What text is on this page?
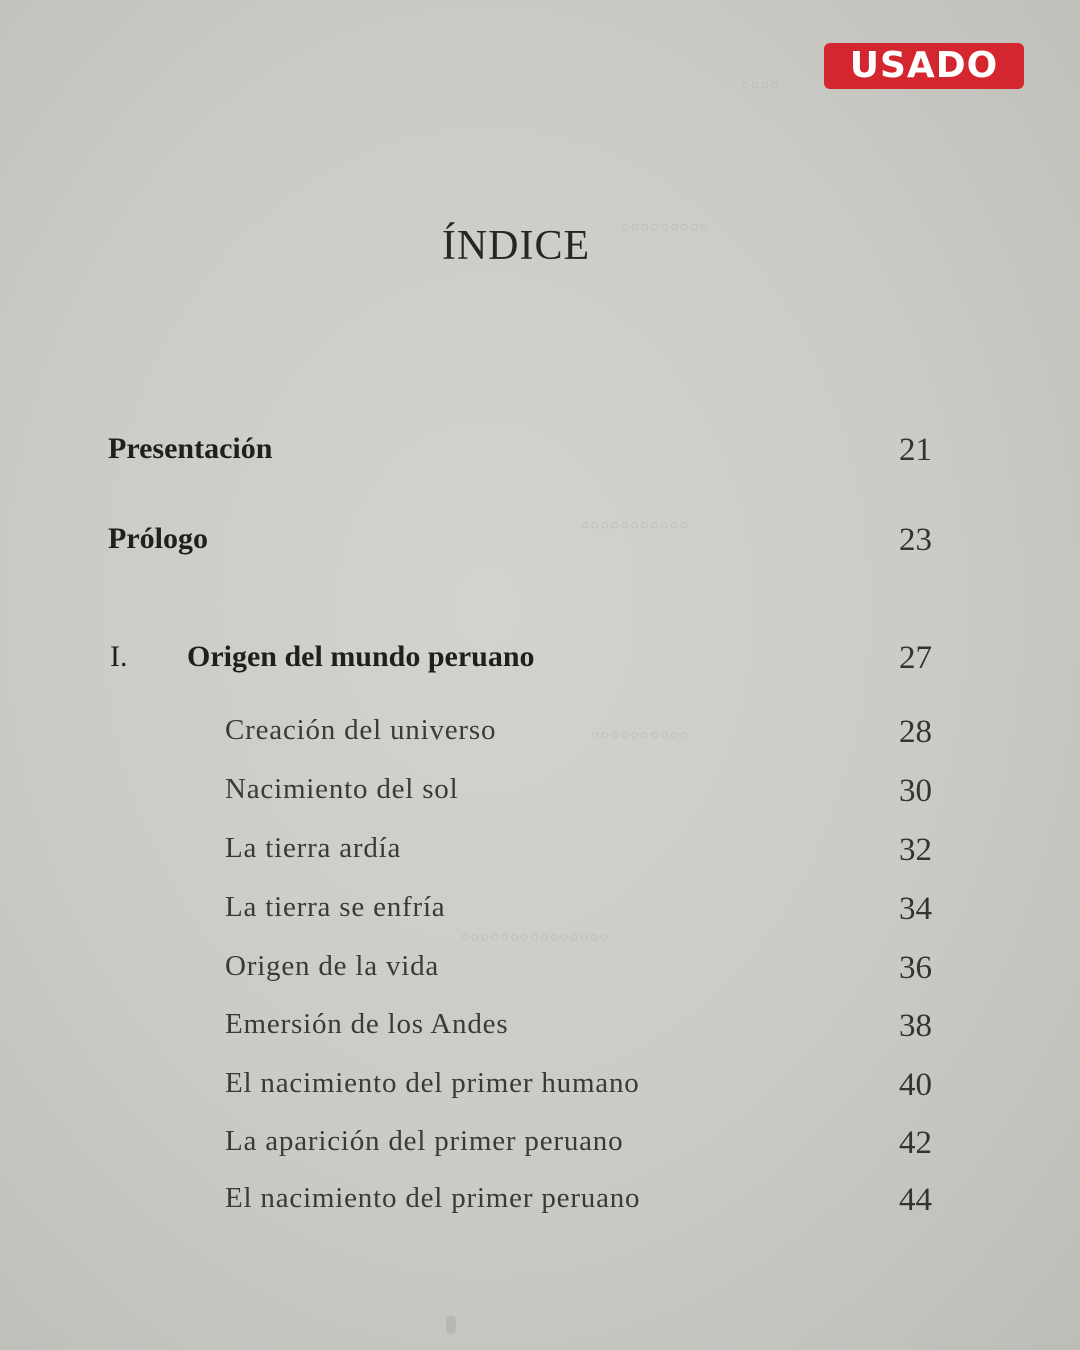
◦◦◦◦
◦◦◦◦◦◦◦◦◦
◦◦◦◦◦◦◦◦◦◦◦
◦◦◦◦◦◦◦◦◦◦
◦◦◦◦◦◦◦◦◦◦◦◦◦◦◦
USADO
ÍNDICE
Presentación	21
Prólogo	23
I. Origen del mundo peruano	27
Creación del universo	28
Nacimiento del sol	30
La tierra ardía	32
La tierra se enfría	34
Origen de la vida	36
Emersión de los Andes	38
El nacimiento del primer humano	40
La aparición del primer peruano	42
El nacimiento del primer peruano	44
